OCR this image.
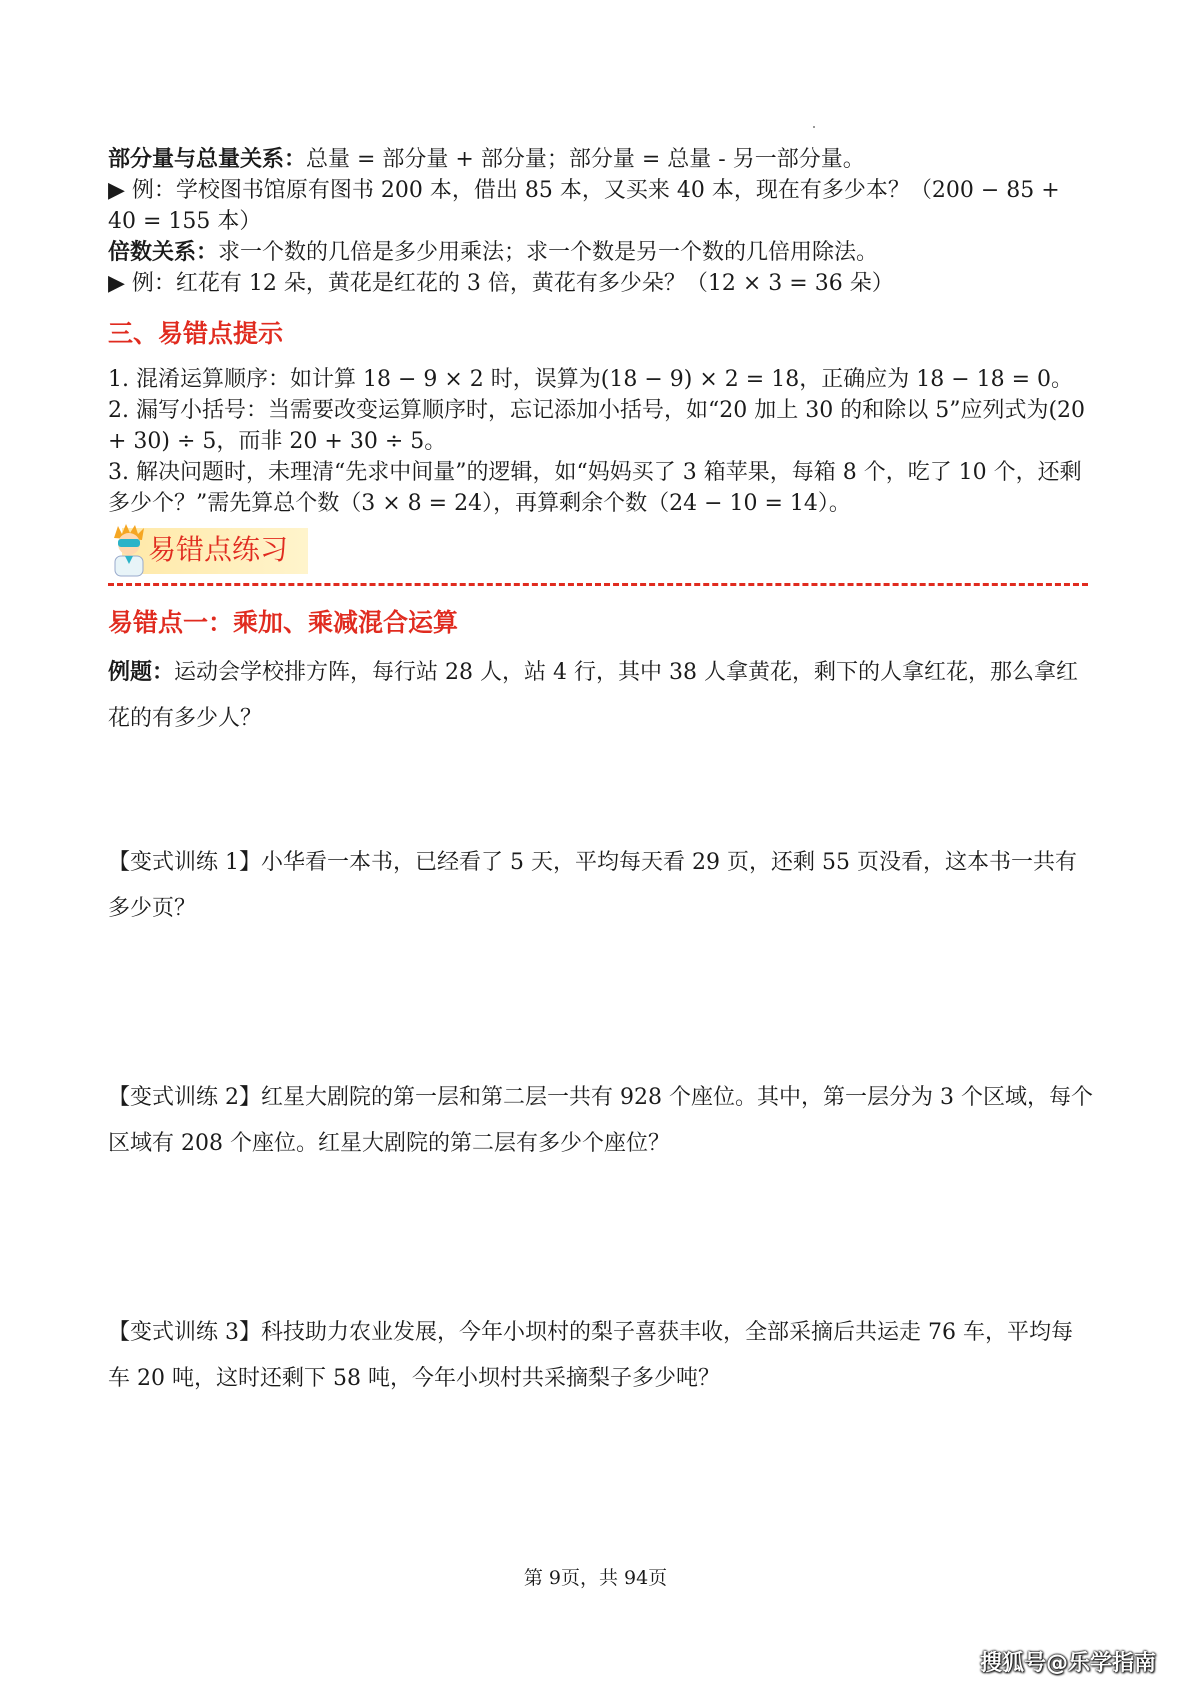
部分量与总量关系：总量 = 部分量 + 部分量；部分量 = 总量 - 另一部分量。
▶ 例：学校图书馆原有图书 200 本，借出 85 本，又买来 40 本，现在有多少本？（200 − 85 +
40 = 155 本）
倍数关系：求一个数的几倍是多少用乘法；求一个数是另一个数的几倍用除法。
▶ 例：红花有 12 朵，黄花是红花的 3 倍，黄花有多少朵？（12 × 3 = 36 朵）
三、易错点提示
1. 混淆运算顺序：如计算 18 − 9 × 2 时，误算为(18 − 9) × 2 = 18，正确应为 18 − 18 = 0。
2. 漏写小括号：当需要改变运算顺序时，忘记添加小括号，如“20 加上 30 的和除以 5”应列式为(20 + 30) ÷ 5，而非 20 + 30 ÷ 5。
3. 解决问题时，未理清“先求中间量”的逻辑，如“妈妈买了 3 箱苹果，每箱 8 个，吃了 10 个，还剩多少个？”需先算总个数（3 × 8 = 24），再算剩余个数（24 − 10 = 14）。
易错点练习
易错点一：乘加、乘减混合运算
例题：运动会学校排方阵，每行站 28 人，站 4 行，其中 38 人拿黄花，剩下的人拿红花，那么拿红花的有多少人？
【变式训练 1】小华看一本书，已经看了 5 天，平均每天看 29 页，还剩 55 页没看，这本书一共有多少页？
【变式训练 2】红星大剧院的第一层和第二层一共有 928 个座位。其中，第一层分为 3 个区域，每个区域有 208 个座位。红星大剧院的第二层有多少个座位？
【变式训练 3】科技助力农业发展，今年小坝村的梨子喜获丰收，全部采摘后共运走 76 车，平均每车 20 吨，这时还剩下 58 吨，今年小坝村共采摘梨子多少吨？
第 9页，共 94页
搜狐号@乐学指南
